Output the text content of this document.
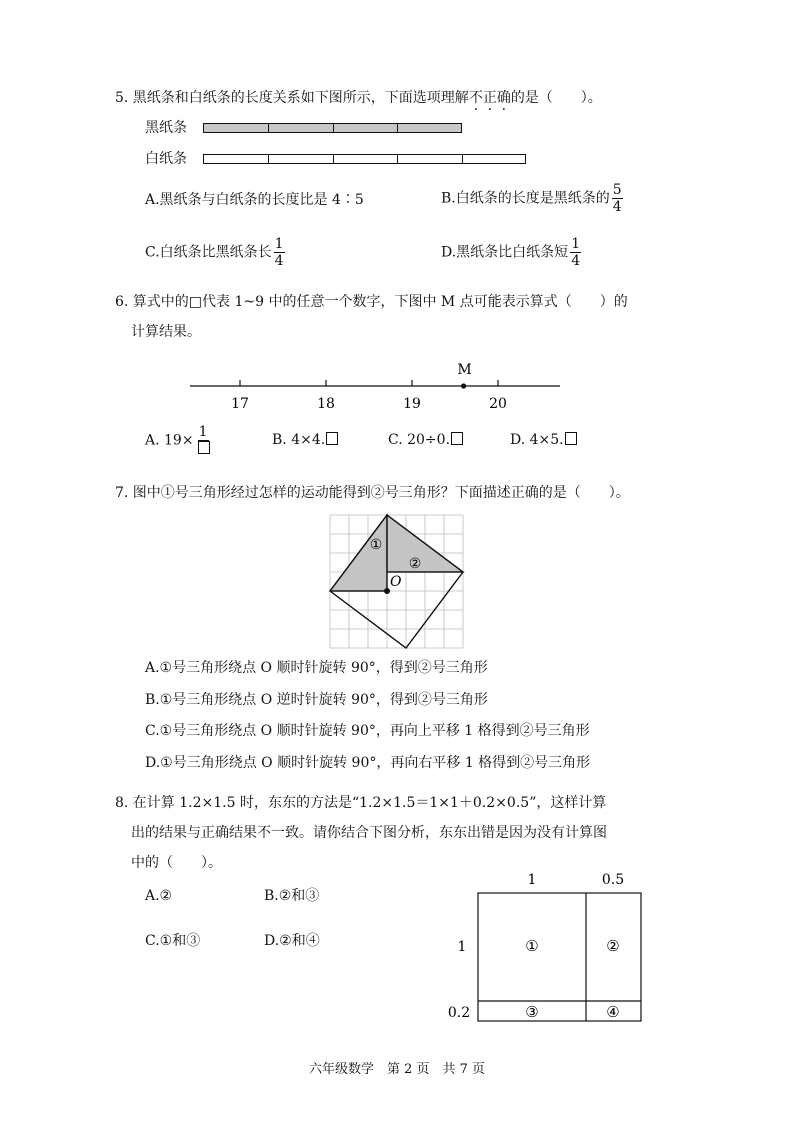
5. 黑纸条和白纸条的长度关系如下图所示，下面选项理解不正确的是（　　）。
黑纸条
白纸条
A.黑纸条与白纸条的长度比是 4∶5	B.白纸条的长度是黑纸条的 $\frac{5}{4}$
C.白纸条比黑纸条长 $\frac{1}{4}$	D.黑纸条比白纸条短 $\frac{1}{4}$
6. 算式中的□代表 1~9 中的任意一个数字，下图中 M 点可能表示算式（　　）的
计算结果。
17	18	19	20
M
A. 19×
1	B. 4×4.	C. 20÷0.	D. 4×5.
7. 图中①号三角形经过怎样的运动能得到②号三角形？下面描述正确的是（　　）。
①
②
O
A.①号三角形绕点 O 顺时针旋转 90°，得到②号三角形
B.①号三角形绕点 O 逆时针旋转 90°，得到②号三角形
C.①号三角形绕点 O 顺时针旋转 90°，再向上平移 1 格得到②号三角形
D.①号三角形绕点 O 顺时针旋转 90°，再向右平移 1 格得到②号三角形
8. 在计算 1.2×1.5 时，东东的方法是“1.2×1.5＝1×1＋0.2×0.5”，这样计算
出的结果与正确结果不一致。请你结合下图分析，东东出错是因为没有计算图
中的（　　）。
A.②	B.②和③
C.①和③	D.②和④
1	0.5
1
0.2
①	②
③	④
六年级数学　第 2 页　共 7 页
